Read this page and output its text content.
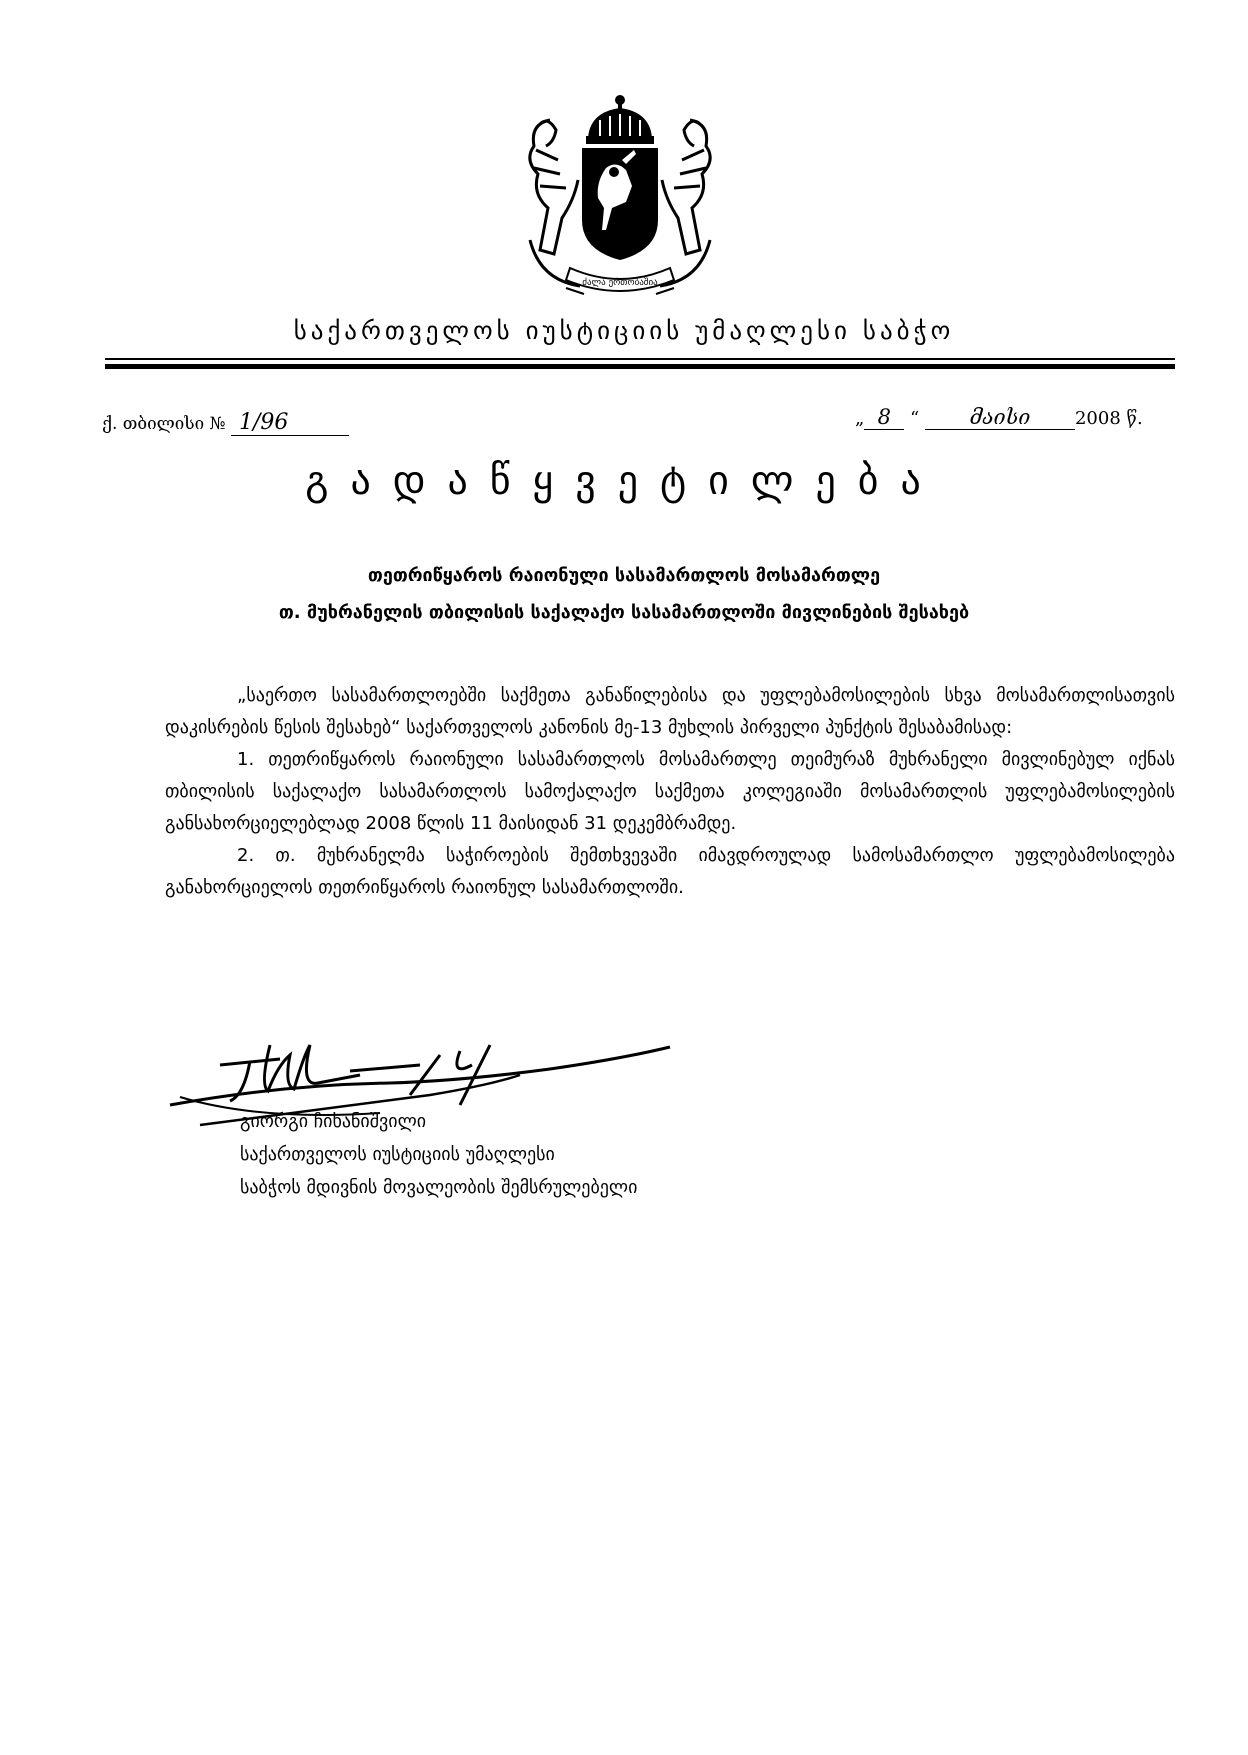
ძალა ერთობაშია
საქართველოს იუსტიციის უმაღლესი საბჭო
ქ. თბილისი № 1/96	„ 8 “ მაისი 2008 წ.
გადაწყვეტილება
თეთრიწყაროს რაიონული სასამართლოს მოსამართლე
თ. მუხრანელის თბილისის საქალაქო სასამართლოში მივლინების შესახებ

„საერთო სასამართლოებში საქმეთა განაწილებისა და უფლებამოსილების სხვა მოსამართლისათვის დაკისრების წესის შესახებ“ საქართველოს კანონის მე-13 მუხლის პირველი პუნქტის შესაბამისად:

1. თეთრიწყაროს რაიონული სასამართლოს მოსამართლე თეიმურაზ მუხრანელი მივლინებულ იქნას თბილისის საქალაქო სასამართლოს სამოქალაქო საქმეთა კოლეგიაში მოსამართლის უფლებამოსილების განსახორციელებლად 2008 წლის 11 მაისიდან 31 დეკემბრამდე.

2. თ. მუხრანელმა საჭიროების შემთხვევაში იმავდროულად სამოსამართლო უფლებამოსილება განახორციელოს თეთრიწყაროს რაიონულ სასამართლოში.

გიორგი ჩიხანიშვილი
საქართველოს იუსტიციის უმაღლესი
საბჭოს მდივნის მოვალეობის შემსრულებელი
